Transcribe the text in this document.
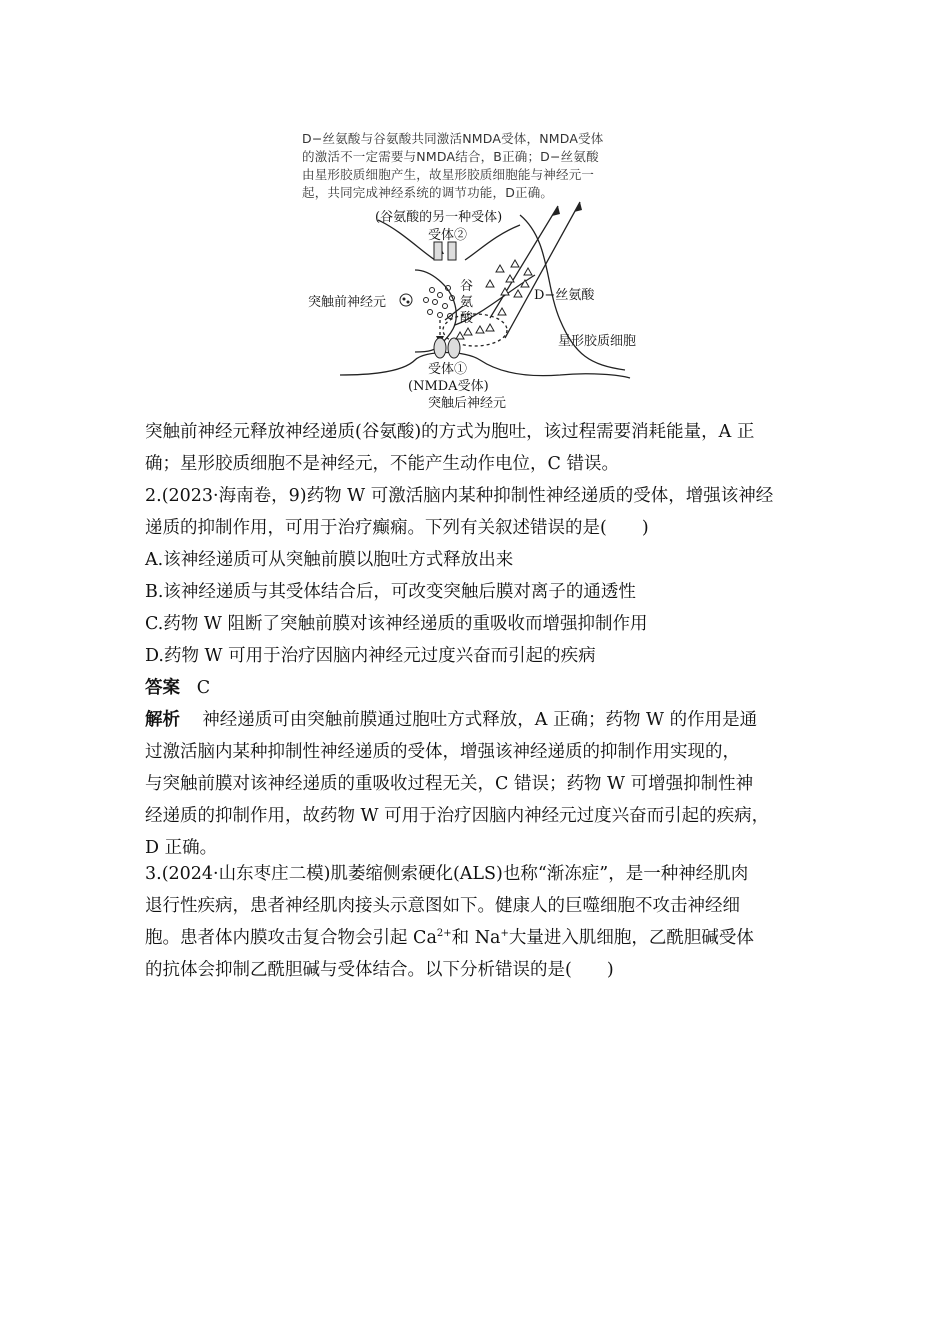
D−丝氨酸与谷氨酸共同激活NMDA受体，NMDA受体
的激活不一定需要与NMDA结合，B正确；D−丝氨酸
由星形胶质细胞产生，故星形胶质细胞能与神经元一
起，共同完成神经系统的调节功能，D正确。
(谷氨酸的另一种受体)
受体②
突触前神经元
谷
氨
酸
D−丝氨酸
星形胶质细胞
受体①
(NMDA受体)
突触后神经元
突触前神经元释放神经递质(谷氨酸)的方式为胞吐，该过程需要消耗能量，A 正
确；星形胶质细胞不是神经元，不能产生动作电位，C 错误。
2.(2023·海南卷，9)药物 W 可激活脑内某种抑制性神经递质的受体，增强该神经
递质的抑制作用，可用于治疗癫痫。下列有关叙述错误的是(　　)
A.该神经递质可从突触前膜以胞吐方式释放出来
B.该神经递质与其受体结合后，可改变突触后膜对离子的通透性
C.药物 W 阻断了突触前膜对该神经递质的重吸收而增强抑制作用
D.药物 W 可用于治疗因脑内神经元过度兴奋而引起的疾病
答案 C
解析 神经递质可由突触前膜通过胞吐方式释放，A 正确；药物 W 的作用是通
过激活脑内某种抑制性神经递质的受体，增强该神经递质的抑制作用实现的，
与突触前膜对该神经递质的重吸收过程无关，C 错误；药物 W 可增强抑制性神
经递质的抑制作用，故药物 W 可用于治疗因脑内神经元过度兴奋而引起的疾病，
D 正确。
3.(2024·山东枣庄二模)肌萎缩侧索硬化(ALS)也称“渐冻症”，是一种神经肌肉
退行性疾病，患者神经肌肉接头示意图如下。健康人的巨噬细胞不攻击神经细
胞。患者体内膜攻击复合物会引起 $Ca^{2+}$和 Na+大量进入肌细胞，乙酰胆碱受体
的抗体会抑制乙酰胆碱与受体结合。以下分析错误的是(　　)
